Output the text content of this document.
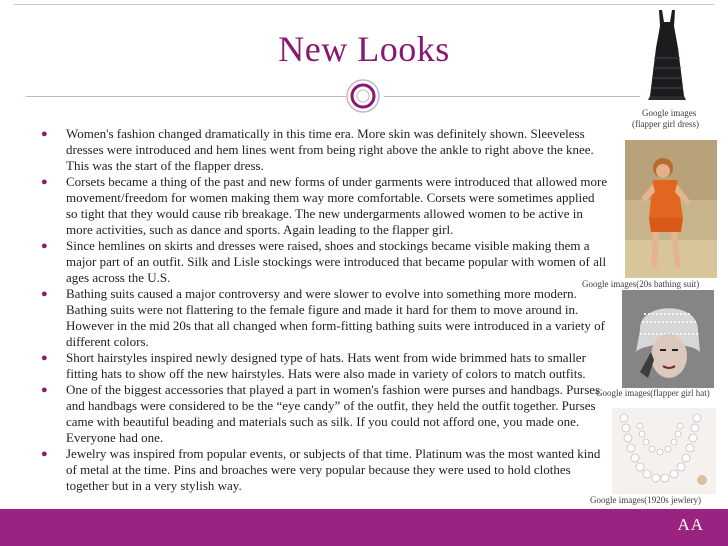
New Looks
● Women's fashion changed dramatically in this time era. More skin was definitely shown. Sleeveless dresses were introduced and hem lines went from being right above the ankle to right above the knee. This was the start of the flapper dress.
● Corsets became a thing of the past and new forms of under garments were introduced that allowed more movement/freedom for women making them way more comfortable. Corsets were sometimes applied so tight that they would cause rib breakage. The new undergarments allowed women to be active in more activities, such as dance and sports. Again leading to the flapper girl.
● Since hemlines on skirts and dresses were raised, shoes and stockings became visible making them a major part of an outfit. Silk and Lisle stockings were introduced that became popular with women of all ages across the U.S.
● Bathing suits caused a major controversy and were slower to evolve into something more modern. Bathing suits were not flattering to the female figure and made it hard for them to move around in. However in the mid 20s that all changed when form-fitting bathing suits were introduced in a variety of different colors.
● Short hairstyles inspired newly designed type of hats. Hats went from wide brimmed hats to smaller fitting hats to show off the new hairstyles. Hats were also made in variety of colors to match outfits.
● One of the biggest accessories that played a part in women's fashion were purses and handbags. Purses and handbags were considered to be the “eye candy” of the outfit, they held the outfit together. Purses came with beautiful beading and materials such as silk. If you could not afford one, you made one. Everyone had one.
● Jewelry was inspired from popular events, or subjects of that time. Platinum was the most wanted kind of metal at the time. Pins and broaches were very popular because they were used to hold clothes together but in a very stylish way.
Google images
(flapper girl dress)
Google images(20s bathing suit)
Google images(flapper girl hat)
Google images(1920s jewlery)
AA
